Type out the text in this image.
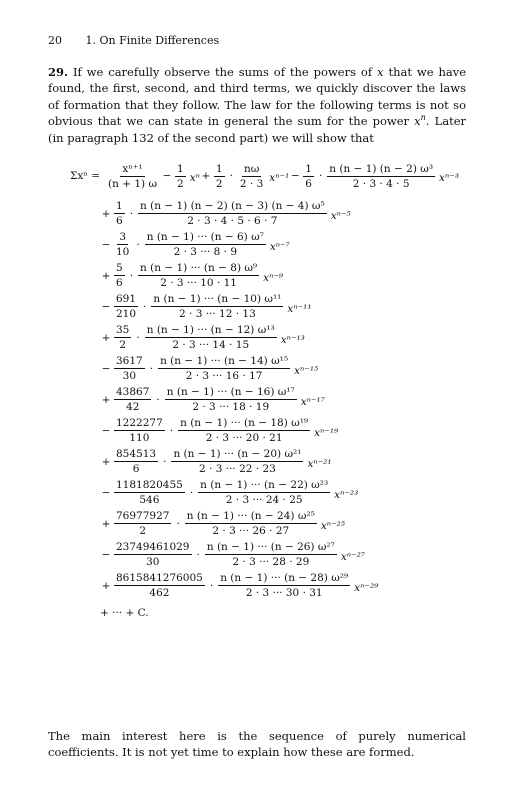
20 1. On Finite Differences
29. If we carefully observe the sums of the powers of x that we have found, the first, second, and third terms, we quickly discover the laws of formation that they follow. The law for the following terms is not so obvious that we can state in general the sum for the power $x^n$. Later (in paragraph 132 of the second part) we will show that
$\Sigma x^n = \frac{\text{xⁿ⁺¹}}{(n + 1) \omega} - \frac{1}{2}$ $x^n + \frac{1}{2} \cdot \frac{n\omega}{2 \cdot 3} x^{n-1} - \frac{1}{6} \cdot \frac{\text{n (n − 1) (n − 2) ω³}}{2 \cdot 3 \cdot 4 \cdot 5} x^{n-3}$
+ $\frac{1}{6} \cdot \frac{\text{n (n − 1) (n − 2) (n − 3) (n − 4) ω⁵}}{2 \cdot 3 \cdot 4 \cdot 5 \cdot 6 \cdot 7} x^{n-5}$
− $\frac{3}{10} \cdot \frac{\text{n (n − 1) ··· (n − 6) ω⁷}}{2 \cdot 3 \cdot\cdot\cdot 8 \cdot 9} x^{n-7}$
+ $\frac{5}{6} \cdot \frac{\text{n (n − 1) ··· (n − 8) ω⁹}}{2 \cdot 3 \cdot\cdot\cdot 10 \cdot 11} x^{n-9}$
− $\frac{691}{210} \cdot \frac{\text{n (n − 1) ··· (n − 10) ω¹¹}}{2 \cdot 3 \cdot\cdot\cdot 12 \cdot 13} x^{n-11}$
+ $\frac{35}{2} \cdot \frac{\text{n (n − 1) ··· (n − 12) ω¹³}}{2 \cdot 3 \cdot\cdot\cdot 14 \cdot 15} x^{n-13}$
− $\frac{3617}{30} \cdot \frac{\text{n (n − 1) ··· (n − 14) ω¹⁵}}{2 \cdot 3 \cdot\cdot\cdot 16 \cdot 17} x^{n-15}$
+ $\frac{43867}{42} \cdot \frac{\text{n (n − 1) ··· (n − 16) ω¹⁷}}{2 \cdot 3 \cdot\cdot\cdot 18 \cdot 19} x^{n-17}$
− $\frac{1222277}{110} \cdot \frac{\text{n (n − 1) ··· (n − 18) ω¹⁹}}{2 \cdot 3 \cdot\cdot\cdot 20 \cdot 21} x^{n-19}$
+ $\frac{854513}{6} \cdot \frac{\text{n (n − 1) ··· (n − 20) ω²¹}}{2 \cdot 3 \cdot\cdot\cdot 22 \cdot 23} x^{n-21}$
− $\frac{1181820455}{546} \cdot \frac{\text{n (n − 1) ··· (n − 22) ω²³}}{2 \cdot 3 \cdot\cdot\cdot 24 \cdot 25} x^{n-23}$
+ $\frac{76977927}{2} \cdot \frac{\text{n (n − 1) ··· (n − 24) ω²⁵}}{2 \cdot 3 \cdot\cdot\cdot 26 \cdot 27} x^{n-25}$
− $\frac{23749461029}{30} \cdot \frac{\text{n (n − 1) ··· (n − 26) ω²⁷}}{2 \cdot 3 \cdot\cdot\cdot 28 \cdot 29} x^{n-27}$
+ $\frac{8615841276005}{462} \cdot \frac{\text{n (n − 1) ··· (n − 28) ω²⁹}}{2 \cdot 3 \cdot\cdot\cdot 30 \cdot 31} x^{n-29}$
+ ··· + C.
The main interest here is the sequence of purely numerical coefficients. It is not yet time to explain how these are formed.
